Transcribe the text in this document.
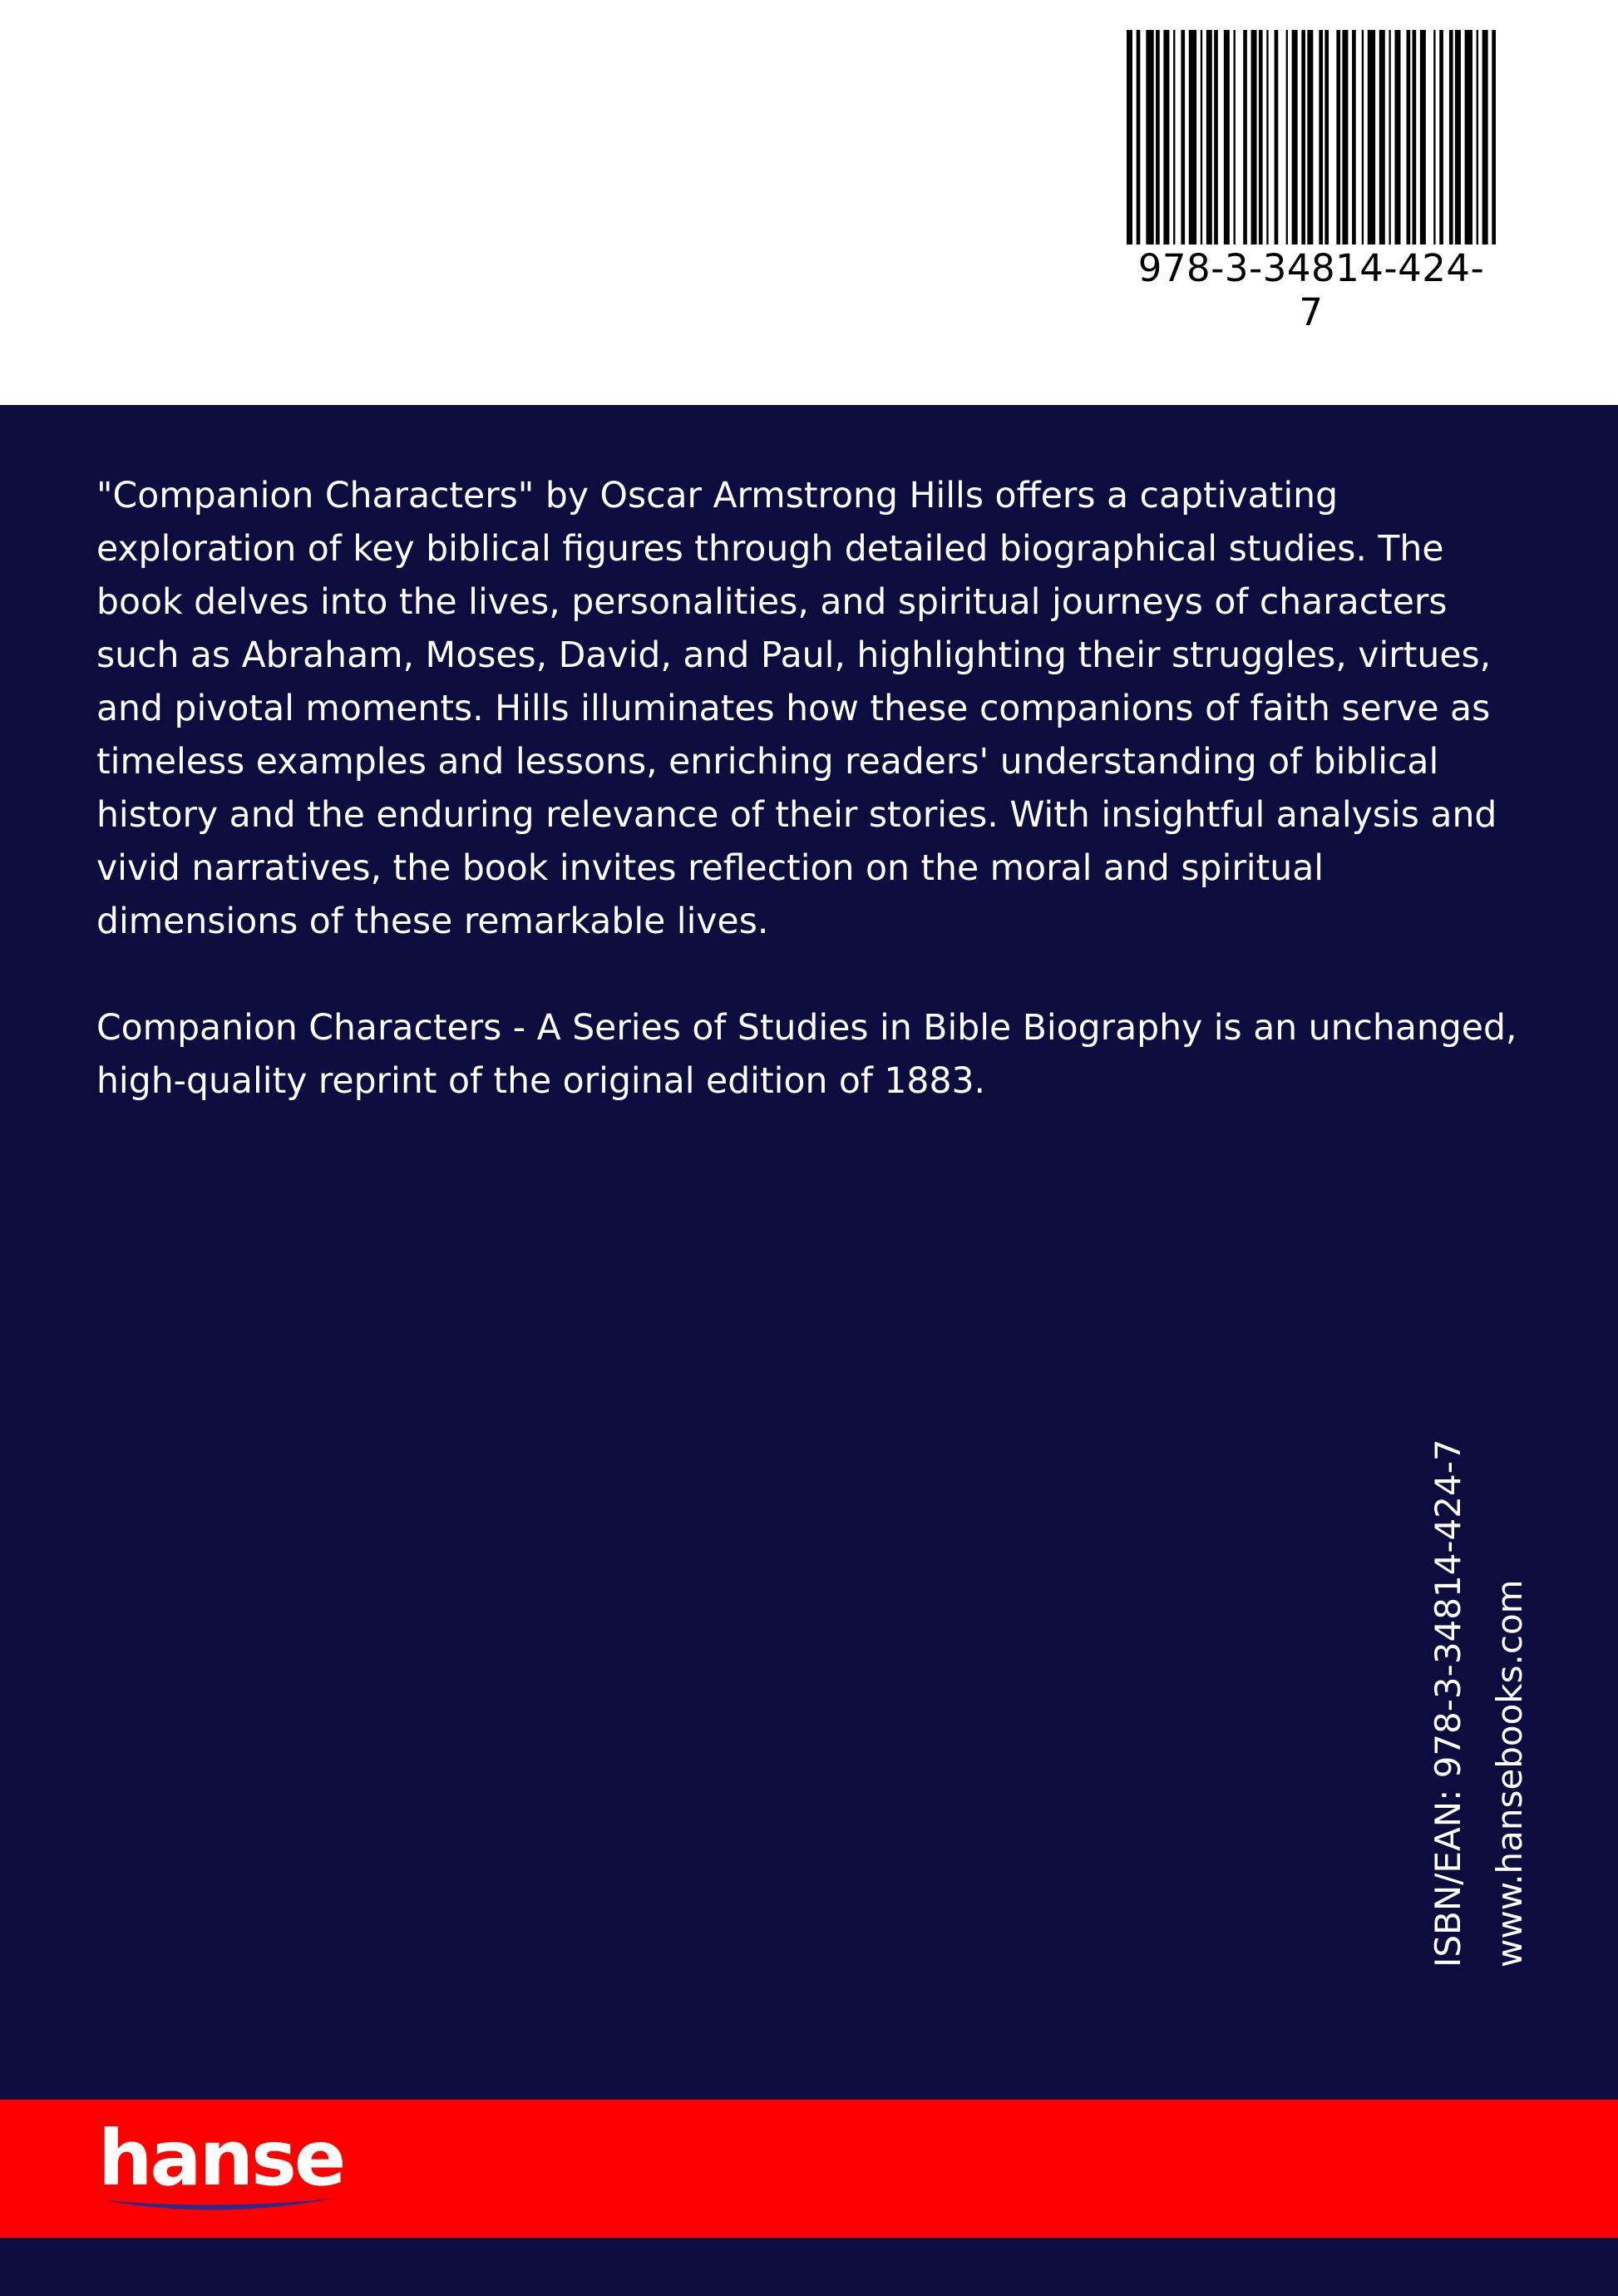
978-3-34814-424-7

"Companion Characters" by Oscar Armstrong Hills offers a captivating exploration of key biblical figures through detailed biographical studies. The book delves into the lives, personalities, and spiritual journeys of characters such as Abraham, Moses, David, and Paul, highlighting their struggles, virtues, and pivotal moments. Hills illuminates how these companions of faith serve as timeless examples and lessons, enriching readers' understanding of biblical history and the enduring relevance of their stories. With insightful analysis and vivid narratives, the book invites reflection on the moral and spiritual dimensions of these remarkable lives.

Companion Characters - A Series of Studies in Bible Biography is an unchanged, high-quality reprint of the original edition of 1883.

ISBN/EAN: 978-3-34814-424-7 www.hansebooks.com
hanse
